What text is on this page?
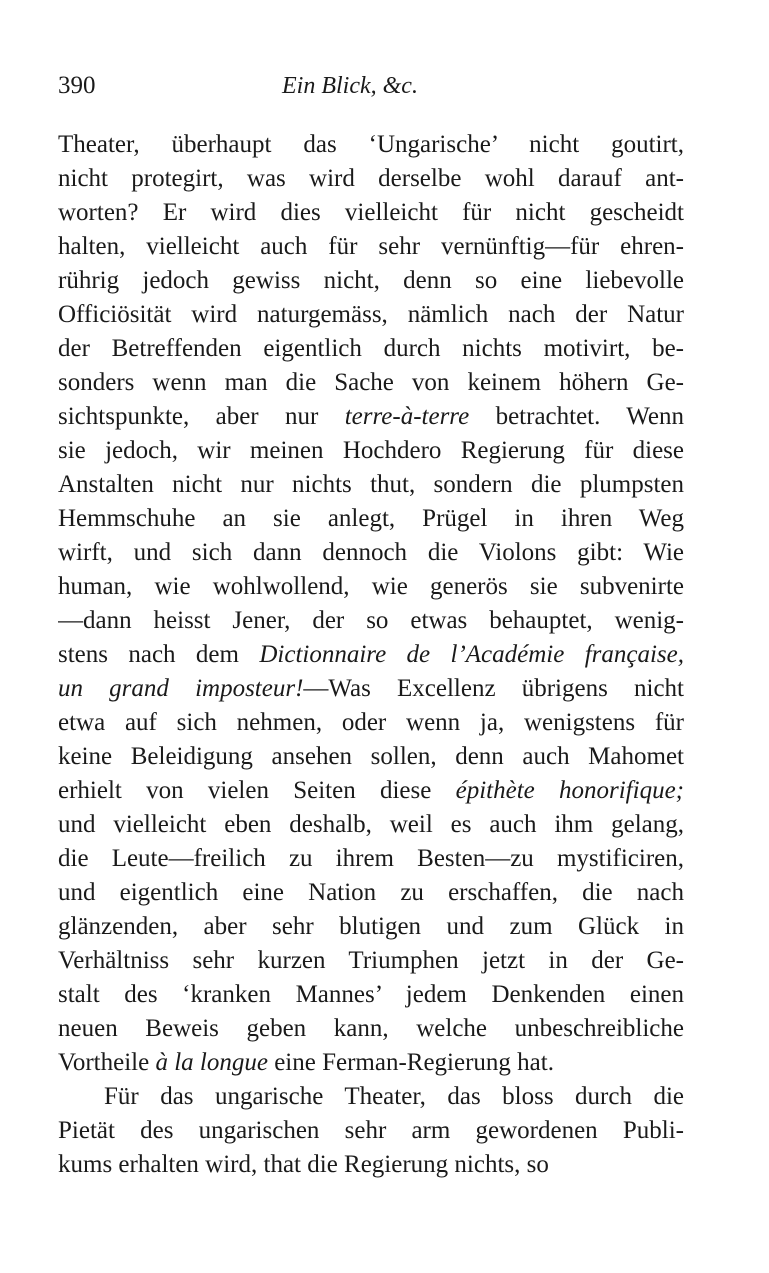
390	Ein Blick, &c.
Theater, überhaupt das ‘Ungarische’ nicht goutirt,
nicht protegirt, was wird derselbe wohl darauf ant-
worten? Er wird dies vielleicht für nicht gescheidt
halten, vielleicht auch für sehr vernünftig—für ehren-
rührig jedoch gewiss nicht, denn so eine liebevolle
Officiösität wird naturgemäss, nämlich nach der Natur
der Betreffenden eigentlich durch nichts motivirt, be-
sonders wenn man die Sache von keinem höhern Ge-
sichtspunkte, aber nur terre-à-terre betrachtet. Wenn
sie jedoch, wir meinen Hochdero Regierung für diese
Anstalten nicht nur nichts thut, sondern die plumpsten
Hemmschuhe an sie anlegt, Prügel in ihren Weg
wirft, und sich dann dennoch die Violons gibt: Wie
human, wie wohlwollend, wie generös sie subvenirte
—dann heisst Jener, der so etwas behauptet, wenig-
stens nach dem Dictionnaire de l’Académie française,
un grand imposteur!—Was Excellenz übrigens nicht
etwa auf sich nehmen, oder wenn ja, wenigstens für
keine Beleidigung ansehen sollen, denn auch Mahomet
erhielt von vielen Seiten diese épithète honorifique;
und vielleicht eben deshalb, weil es auch ihm gelang,
die Leute—freilich zu ihrem Besten—zu mystificiren,
und eigentlich eine Nation zu erschaffen, die nach
glänzenden, aber sehr blutigen und zum Glück in
Verhältniss sehr kurzen Triumphen jetzt in der Ge-
stalt des ‘kranken Mannes’ jedem Denkenden einen
neuen Beweis geben kann, welche unbeschreibliche
Vortheile à la longue eine Ferman-Regierung hat.
Für das ungarische Theater, das bloss durch die
Pietät des ungarischen sehr arm gewordenen Publi-
kums erhalten wird, that die Regierung nichts, so
